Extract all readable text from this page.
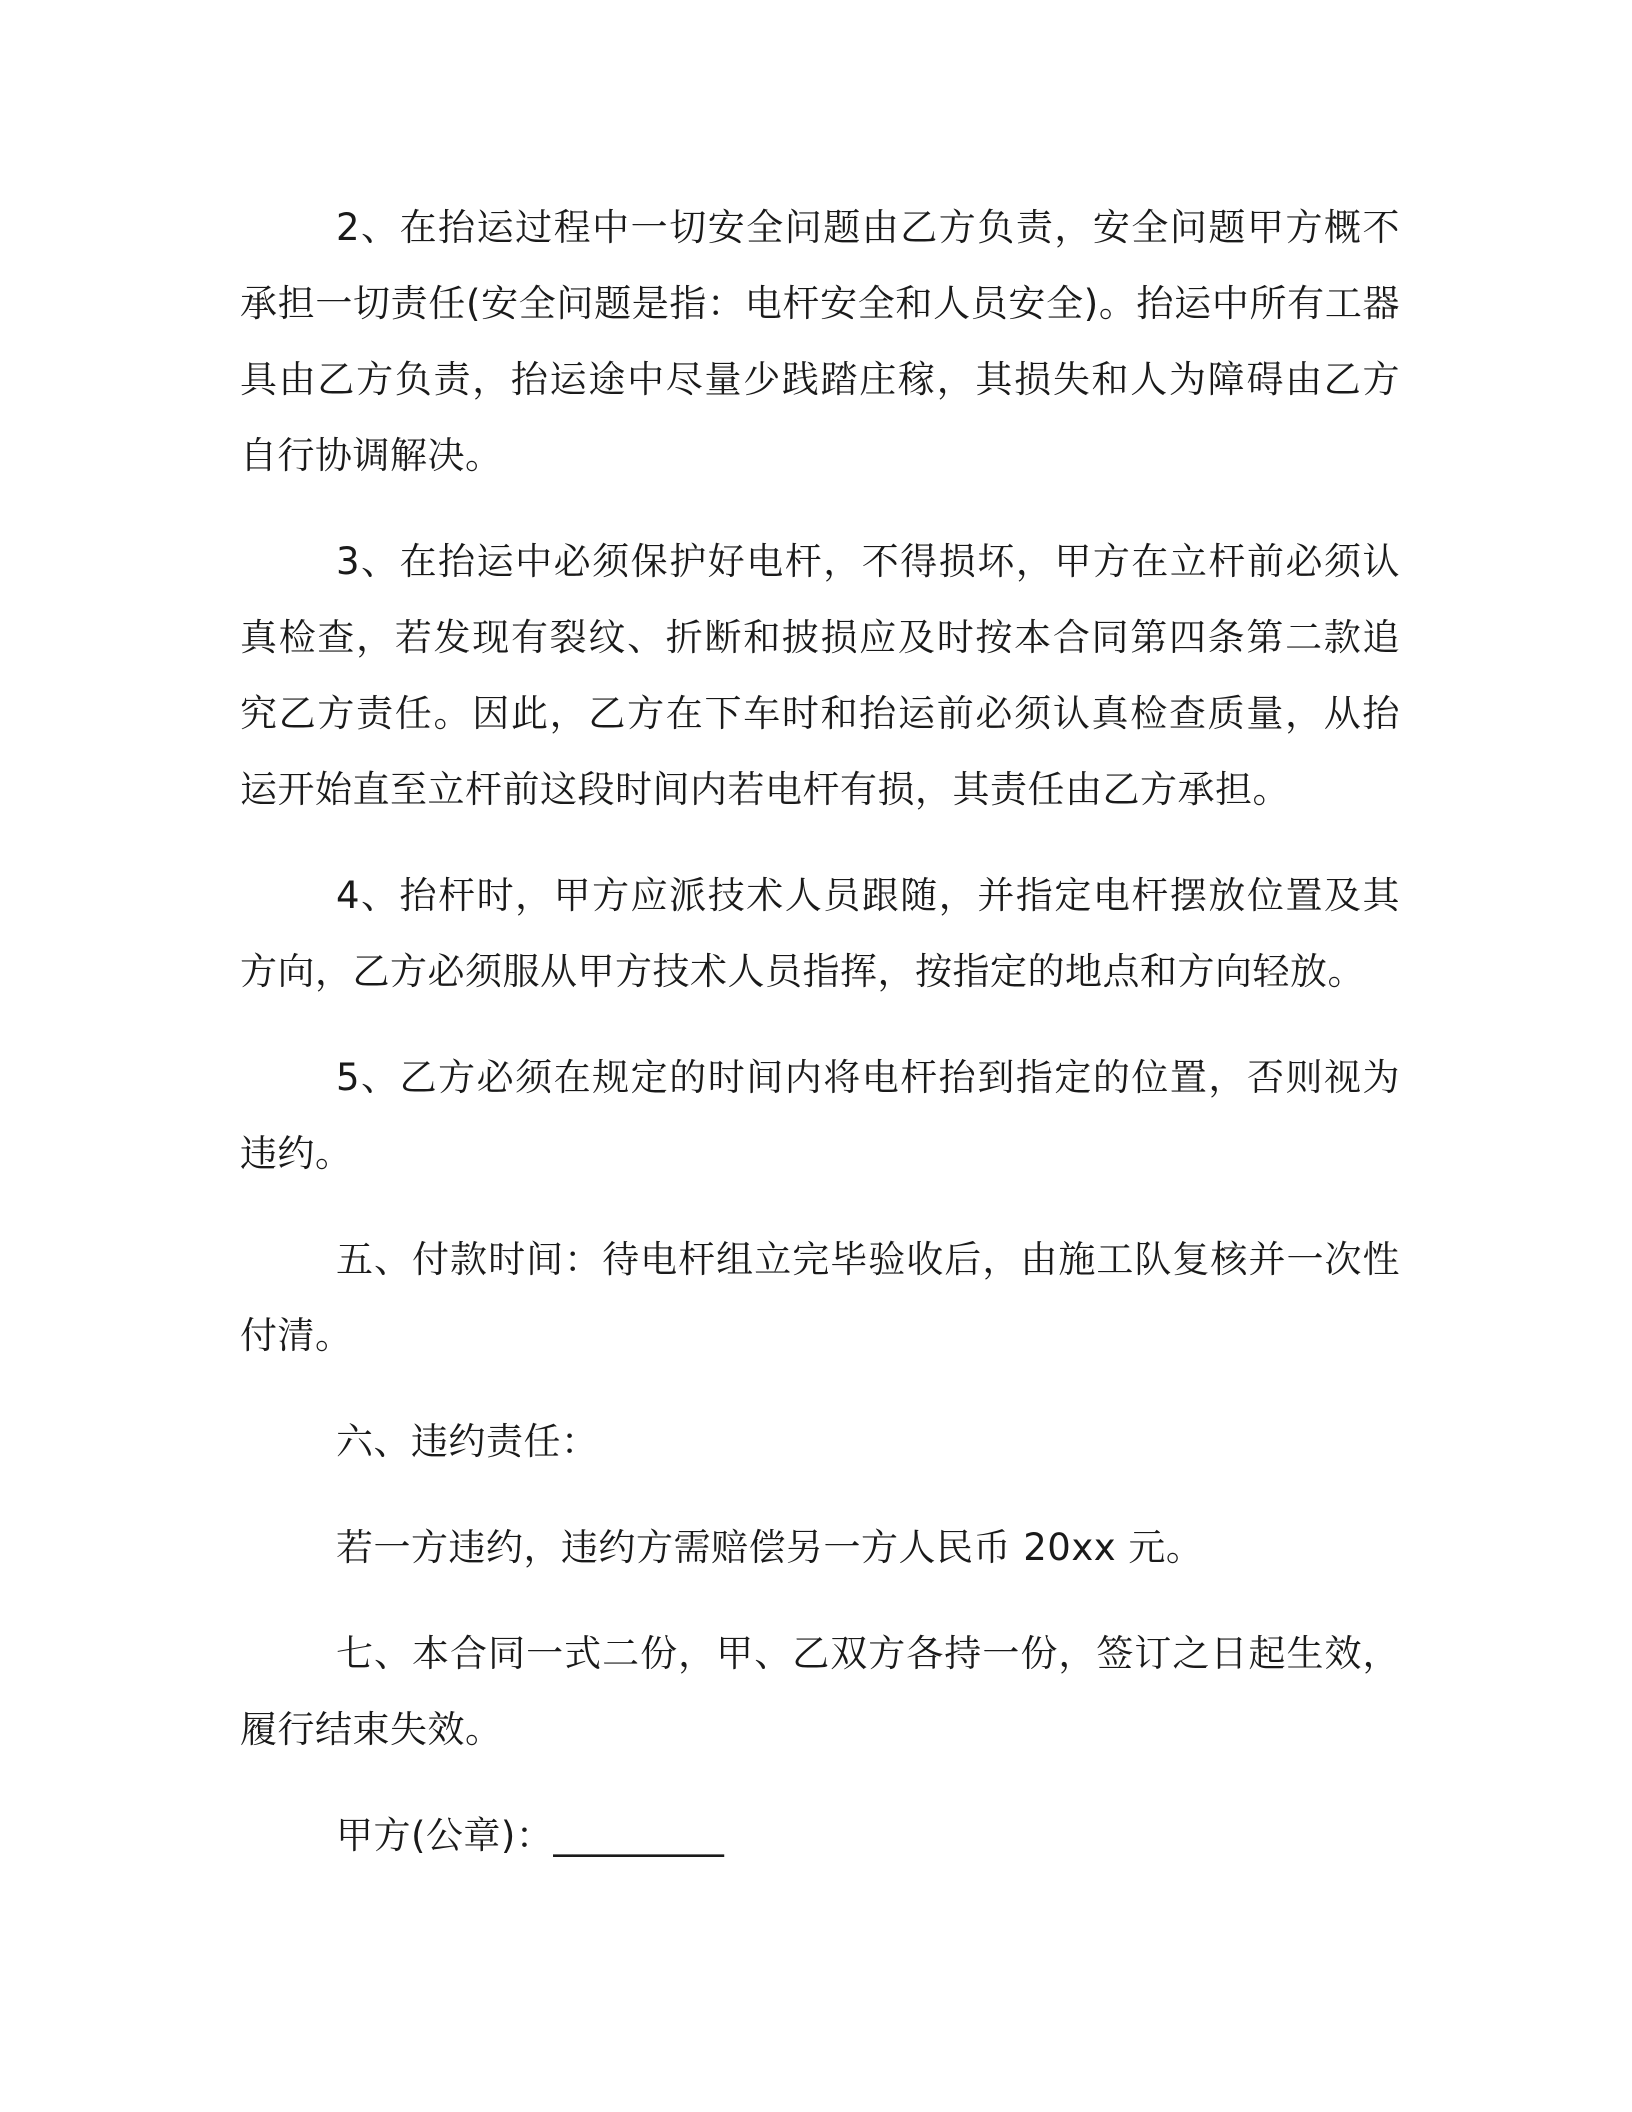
2、在抬运过程中一切安全问题由乙方负责，安全问题甲方概不承担一切责任(安全问题是指：电杆安全和人员安全)。抬运中所有工器具由乙方负责，抬运途中尽量少践踏庄稼，其损失和人为障碍由乙方自行协调解决。

3、在抬运中必须保护好电杆，不得损坏，甲方在立杆前必须认真检查，若发现有裂纹、折断和披损应及时按本合同第四条第二款追究乙方责任。因此，乙方在下车时和抬运前必须认真检查质量，从抬运开始直至立杆前这段时间内若电杆有损，其责任由乙方承担。

4、抬杆时，甲方应派技术人员跟随，并指定电杆摆放位置及其方向，乙方必须服从甲方技术人员指挥，按指定的地点和方向轻放。

5、乙方必须在规定的时间内将电杆抬到指定的位置，否则视为违约。

五、付款时间：待电杆组立完毕验收后，由施工队复核并一次性付清。

六、违约责任：

若一方违约，违约方需赔偿另一方人民币 20xx 元。

七、本合同一式二份，甲、乙双方各持一份，签订之日起生效，履行结束失效。

甲方(公章)：_________
